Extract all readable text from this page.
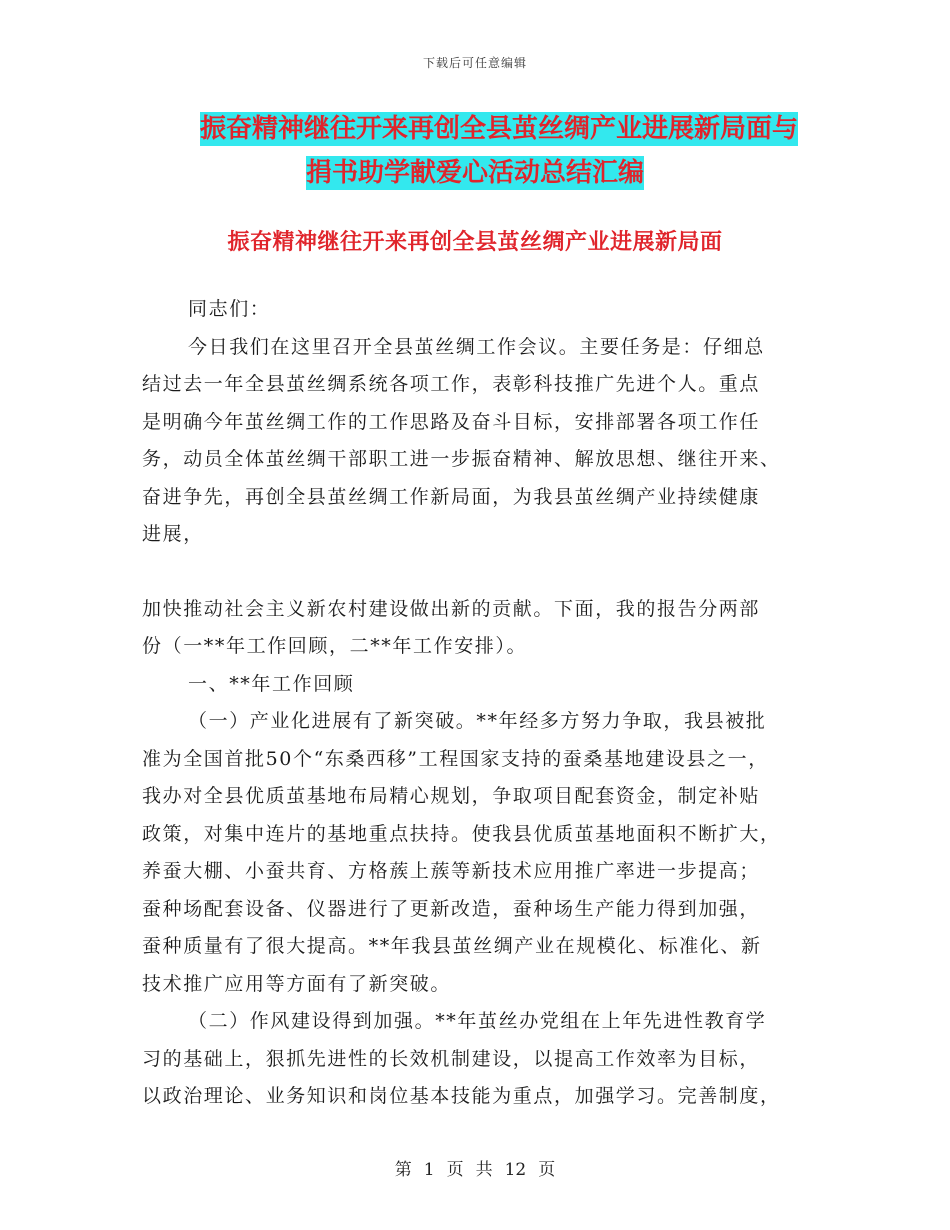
下载后可任意编辑
振奋精神继往开来再创全县茧丝绸产业进展新局面与
捐书助学献爱心活动总结汇编
振奋精神继往开来再创全县茧丝绸产业进展新局面
同志们：
今日我们在这里召开全县茧丝绸工作会议。主要任务是：仔细总
结过去一年全县茧丝绸系统各项工作，表彰科技推广先进个人。重点
是明确今年茧丝绸工作的工作思路及奋斗目标，安排部署各项工作任
务，动员全体茧丝绸干部职工进一步振奋精神、解放思想、继往开来、
奋进争先，再创全县茧丝绸工作新局面，为我县茧丝绸产业持续健康
进展，
加快推动社会主义新农村建设做出新的贡献。下面，我的报告分两部
份（一**年工作回顾，二**年工作安排）。
一、**年工作回顾
（一）产业化进展有了新突破。**年经多方努力争取，我县被批
准为全国首批50个“东桑西移”工程国家支持的蚕桑基地建设县之一，
我办对全县优质茧基地布局精心规划，争取项目配套资金，制定补贴
政策，对集中连片的基地重点扶持。使我县优质茧基地面积不断扩大，
养蚕大棚、小蚕共育、方格蔟上蔟等新技术应用推广率进一步提高；
蚕种场配套设备、仪器进行了更新改造，蚕种场生产能力得到加强，
蚕种质量有了很大提高。**年我县茧丝绸产业在规模化、标准化、新
技术推广应用等方面有了新突破。
（二）作风建设得到加强。**年茧丝办党组在上年先进性教育学
习的基础上，狠抓先进性的长效机制建设，以提高工作效率为目标，
以政治理论、业务知识和岗位基本技能为重点，加强学习。完善制度，
第 1 页 共 12 页
